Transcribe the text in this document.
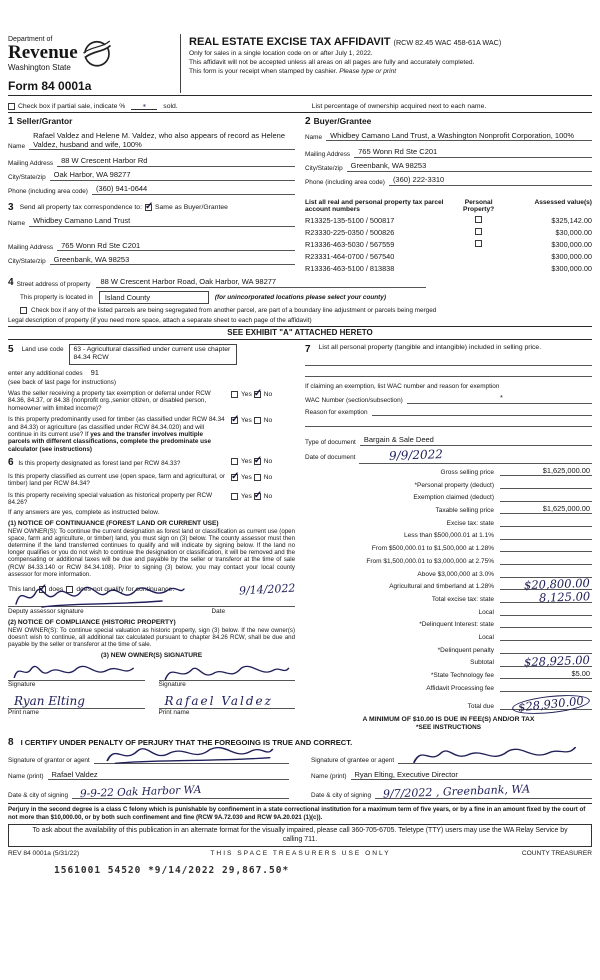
Department of
Revenue
Washington State
Form 84 0001a
REAL ESTATE EXCISE TAX AFFIDAVIT (RCW 82.45 WAC 458-61A WAC)
Only for sales in a single location code on or after July 1, 2022.
This affidavit will not be accepted unless all areas on all pages are fully and accurately completed.
This form is your receipt when stamped by cashier. Please type or print
Check box if partial sale, indicate %	*	sold.	List percentage of ownership acquired next to each name.
1 Seller/Grantor
Name
Rafael Valdez and Helene M. Valdez, who also appears of record as Helene Valdez, husband and wife, 100%
Mailing Address	88 W Crescent Harbor Rd
City/State/zip	Oak Harbor, WA 98277
Phone (including area code)	(360) 941-0644
2 Buyer/Grantee
Name	Whidbey Camano Land Trust, a Washington Nonprofit Corporation, 100%
Mailing Address	765 Wonn Rd Ste C201
City/State/zip	Greenbank, WA 98253
Phone (including area code)	(360) 222-3310
3 Send all property tax correspondence to: ✓ Same as Buyer/Grantee
Name	Whidbey Camano Land Trust
Mailing Address	765 Wonn Rd Ste C201
City/State/zip	Greenbank, WA 98253
List all real and personal property tax parcel account numbers
Personal Property?
Assessed value(s)
R13325-135-5100 / 500817	$325,142.00
R23330-225-0350 / 500826	$30,000.00
R13336-463-5030 / 567559	$300,000.00
R23331-464-0700 / 567540	$300,000.00
R13336-463-5100 / 813838	$300,000.00
4 Street address of property	88 W Crescent Harbor Road, Oak Harbor, WA 98277
This property is located in	Island County	(for unincorporated locations please select your county)
Check box if any of the listed parcels are being segregated from another parcel, are part of a boundary line adjustment or parcels being merged
Legal description of property (if you need more space, attach a separate sheet to each page of the affidavit)
SEE EXHIBIT "A" ATTACHED HERETO
5 Land use code	63 - Agricultural classified under current use chapter 84.34 RCW
enter any additional codes 91
(see back of last page for instructions)
Was the seller receiving a property tax exemption or deferral under RCW 84.36, 84.37, or 84.38 (nonprofit org.,senior citizen, or disabled person, homeowner with limited income)?
Yes ✓ No
Is this property predominantly used for timber (as classified under RCW 84.34 and 84.33) or agriculture (as classified under RCW 84.34.020) and will continue in its current use? If yes and the transfer involves multiple parcels with different classifications, complete the predominate use calculator (see instructions)
✓
Yes No
6 Is this property designated as forest land per RCW 84.33?	Yes ✓ No
Is this property classified as current use (open space, farm and agricultural, or timber) land per RCW 84.34?
✓
Yes No
Is this property receiving special valuation as historical property per RCW 84.26?
Yes ✓ No
If any answers are yes, complete as instructed below.
(1) NOTICE OF CONTINUANCE (FOREST LAND OR CURRENT USE)
NEW OWNER(S): To continue the current designation as forest land or classification as current use (open space, farm and agriculture, or timber) land, you must sign on (3) below. The county assessor must then determine if the land transferred continues to qualify and will indicate by signing below. If the land no longer qualifies or you do not wish to continue the designation or classification, it will be removed and the compensating or additional taxes will be due and payable by the seller or transferor at the time of sale (RCW 84.33.140 or RCW 84.34.108). Prior to signing (3) below, you may contact your local county assessor for more information.
This land ✓ does does not qualify for continuance.	9/14/2022
Deputy assessor signature	Date
(2) NOTICE OF COMPLIANCE (HISTORIC PROPERTY)
NEW OWNER(S): To continue special valuation as historic property, sign (3) below. If the new owner(s) doesn't wish to continue, all additional tax calculated pursuant to chapter 84.26 RCW, shall be due and payable by the seller or transferor at the time of sale.
(3) NEW OWNER(S) SIGNATURE
Signature
Ryan Elting
Print name
Signature
Rafael Valdez
Print name
7 List all personal property (tangible and intangible) included in selling price.
If claiming an exemption, list WAC number and reason for exemption
WAC Number (section/subsection)	*
Reason for exemption
Type of document	Bargain & Sale Deed
Date of document	9/9/2022
Gross selling price	$1,625,000.00
*Personal property (deduct)
Exemption claimed (deduct)
Taxable selling price	$1,625,000.00
Excise tax: state
Less than $500,000.01 at 1.1%
From $500,000.01 to $1,500,000 at 1.28%
From $1,500,000.01 to $3,000,000 at 2.75%
Above $3,000,000 at 3.0%
Agricultural and timberland at 1.28%	$20,800.00
Total excise tax: state	8,125.00
Local
*Delinquent Interest: state
Local
*Delinquent penalty
Subtotal	$28,925.00
*State Technology fee	$5.00
Affidavit Processing fee
Total due	$28,930.00
A MINIMUM OF $10.00 IS DUE IN FEE(S) AND/OR TAX
*SEE INSTRUCTIONS
8 I CERTIFY UNDER PENALTY OF PERJURY THAT THE FOREGOING IS TRUE AND CORRECT.
Signature of grantor or agent
Name (print)	Rafael Valdez
Date & city of signing	9-9-22 Oak Harbor WA
Signature of grantee or agent
Name (print)	Ryan Elting, Executive Director
Date & city of signing	9/7/2022 , Greenbank, WA
Perjury in the second degree is a class C felony which is punishable by confinement in a state correctional institution for a maximum term of five years, or by a fine in an amount fixed by the court of not more than $10,000.00, or by both such confinement and fine (RCW 9A.72.030 and RCW 9A.20.021 (1)(c)).
To ask about the availability of this publication in an alternate format for the visually impaired, please call 360-705-6705. Teletype (TTY) users may use the WA Relay Service by calling 711.
REV 84 0001a (5/31/22)	THIS SPACE TREASURERS USE ONLY	COUNTY TREASURER
1561001 54520 *9/14/2022 29,867.50*
